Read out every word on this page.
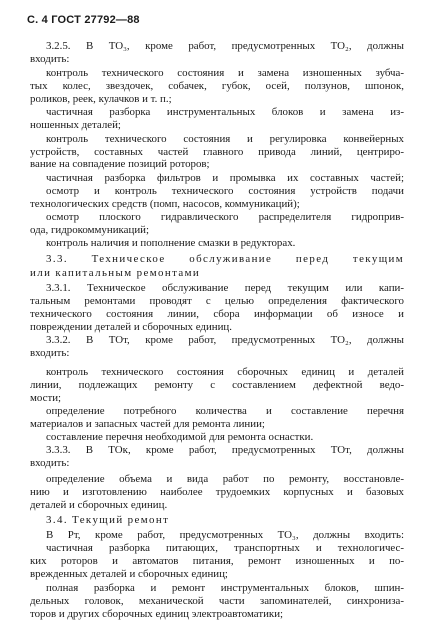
С. 4 ГОСТ 27792—88
3.2.5. В ТО₃, кроме работ, предусмотренных ТО₂, должны
входить:
контроль технического состояния и замена изношенных зубча-
тых колес, звездочек, собачек, губок, осей, ползунов, шпонок,
роликов, реек, кулачков и т. п.;
частичная разборка инструментальных блоков и замена из-
ношенных деталей;
контроль технического состояния и регулировка конвейерных
устройств, составных частей главного привода линий, центриро-
вание на совпадение позиций роторов;
частичная разборка фильтров и промывка их составных частей;
осмотр и контроль технического состояния устройств подачи
технологических средств (помп, насосов, коммуникаций);
осмотр плоского гидравлического распределителя гидроприв-
ода, гидрокоммуникаций;
контроль наличия и пополнение смазки в редукторах.
3.3. Техническое обслуживание перед текущим
или капитальным ремонтами
3.3.1. Техническое обслуживание перед текущим или капи-
тальным ремонтами проводят с целью определения фактического
технического состояния линии, сбора информации об износе и
повреждении деталей и сборочных единиц.
3.3.2. В ТОт, кроме работ, предусмотренных ТО₂, должны
входить:
контроль технического состояния сборочных единиц и деталей
линии, подлежащих ремонту с составлением дефектной ведо-
мости;
определение потребного количества и составление перечня
материалов и запасных частей для ремонта линии;
составление перечня необходимой для ремонта оснастки.
3.3.3. В ТОк, кроме работ, предусмотренных ТОт, должны
входить:
определение объема и вида работ по ремонту, восстановле-
нию и изготовлению наиболее трудоемких корпусных и базовых
деталей и сборочных единиц.
3.4. Текущий ремонт
В Рт, кроме работ, предусмотренных ТО₃, должны входить:
частичная разборка питающих, транспортных и технологичес-
ких роторов и автоматов питания, ремонт изношенных и по-
врежденных деталей и сборочных единиц;
полная разборка и ремонт инструментальных блоков, шпин-
дельных головок, механической части запоминателей, синхрониза-
торов и других сборочных единиц электроавтоматики;
